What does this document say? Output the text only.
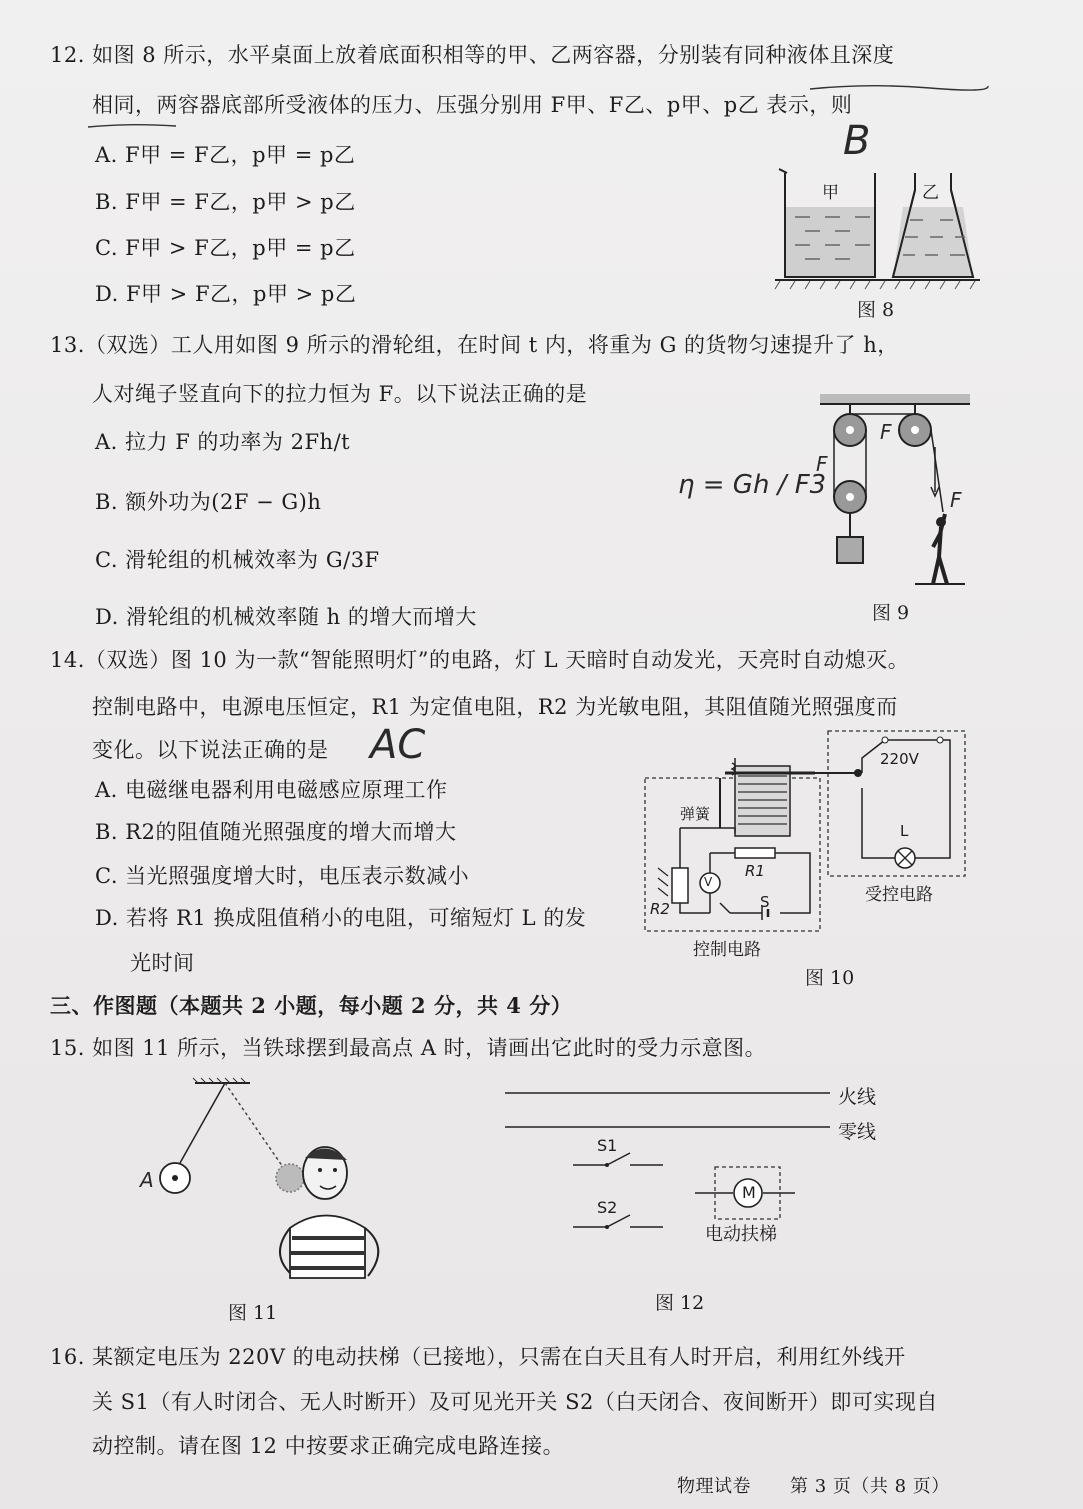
12. 如图 8 所示，水平桌面上放着底面积相等的甲、乙两容器，分别装有同种液体且深度
相同，两容器底部所受液体的压力、压强分别用 F甲、F乙、p甲、p乙 表示，则
B
A. F甲 = F乙，p甲 = p乙
B. F甲 = F乙，p甲 > p乙
C. F甲 > F乙，p甲 = p乙
D. F甲 > F乙，p甲 > p乙
甲	乙
图 8
13.（双选）工人用如图 9 所示的滑轮组，在时间 t 内，将重为 G 的货物匀速提升了 h，
人对绳子竖直向下的拉力恒为 F。以下说法正确的是
A. 拉力 F 的功率为 2Fh/t
B. 额外功为(2F − G)h
C. 滑轮组的机械效率为 G/3F
D. 滑轮组的机械效率随 h 的增大而增大
η = Gh / F3
F
F
F
图 9
14.（双选）图 10 为一款“智能照明灯”的电路，灯 L 天暗时自动发光，天亮时自动熄灭。
控制电路中，电源电压恒定，R1 为定值电阻，R2 为光敏电阻，其阻值随光照强度而
变化。以下说法正确的是 AC
A. 电磁继电器利用电磁感应原理工作
B. R2的阻值随光照强度的增大而增大
C. 当光照强度增大时，电压表示数减小
D. 若将 R1 换成阻值稍小的电阻，可缩短灯 L 的发
光时间
弹簧
220V
L
R1
R2	S
V
控制电路
受控电路
图 10
三、作图题（本题共 2 小题，每小题 2 分，共 4 分）
15. 如图 11 所示，当铁球摆到最高点 A 时，请画出它此时的受力示意图。
A
图 11
火线
零线
S1
S2
M
电动扶梯
图 12
16. 某额定电压为 220V 的电动扶梯（已接地），只需在白天且有人时开启，利用红外线开
关 S1（有人时闭合、无人时断开）及可见光开关 S2（白天闭合、夜间断开）即可实现自
动控制。请在图 12 中按要求正确完成电路连接。
物理试卷 第 3 页（共 8 页）
